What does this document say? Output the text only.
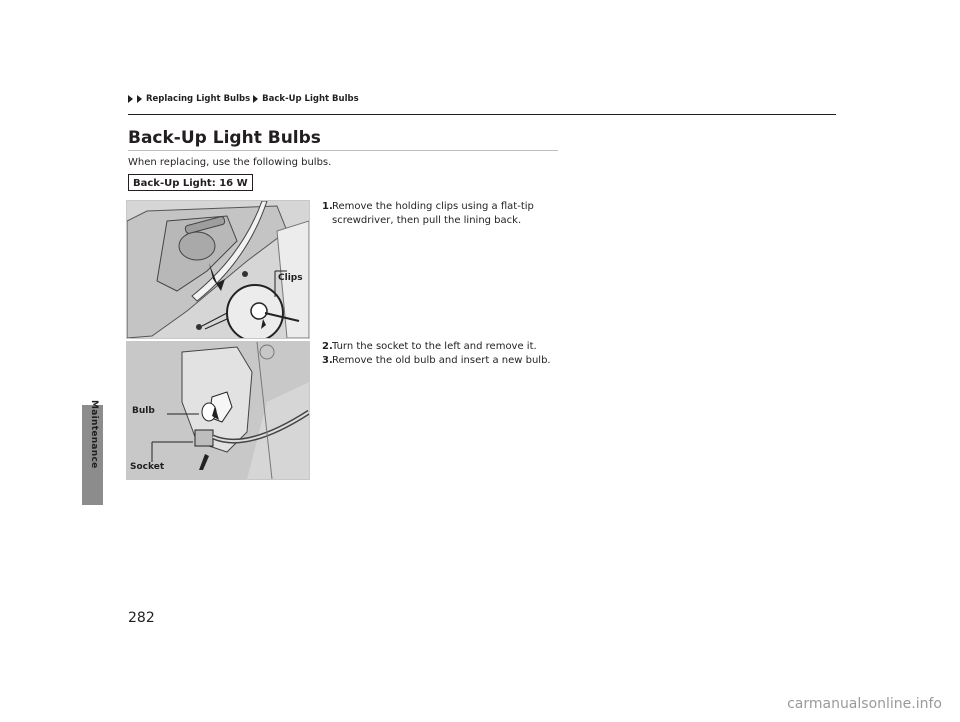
Maintenance
Replacing Light Bulbs Back-Up Light Bulbs
Back-Up Light Bulbs
When replacing, use the following bulbs.
Back-Up Light: 16 W
Clips
Bulb
Socket
1. Remove the holding clips using a flat-tip screwdriver, then pull the lining back.
2. Turn the socket to the left and remove it.
3. Remove the old bulb and insert a new bulb.
282
carmanualsonline.info
